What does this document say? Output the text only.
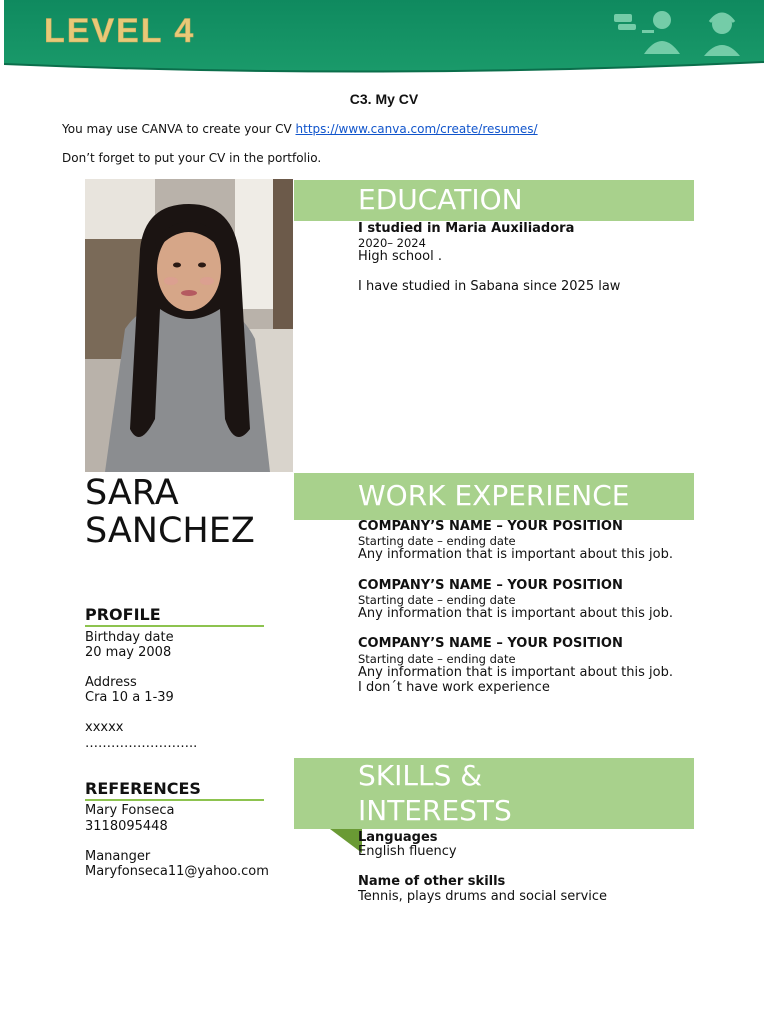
LEVEL 4
C3. My CV
You may use CANVA to create your CV https://www.canva.com/create/resumes/
Don’t forget to put your CV in the portfolio.
SARA
SANCHEZ
PROFILE
Birthday date
20 may 2008
Address
Cra 10 a 1-39
xxxxx
……………………..
REFERENCES
Mary Fonseca
3118095448
Mananger
Maryfonseca11@yahoo.com
EDUCATION
I studied in Maria Auxiliadora
2020– 2024
High school .
I have studied in Sabana since 2025 law
WORK EXPERIENCE
COMPANY’S NAME – YOUR POSITION
Starting date – ending date
Any information that is important about this job.
COMPANY’S NAME – YOUR POSITION
Starting date – ending date
Any information that is important about this job.
COMPANY’S NAME – YOUR POSITION
Starting date – ending date
Any information that is important about this job.
I don´t have work experience
SKILLS &
INTERESTS
Languages
English fluency
Name of other skills
Tennis, plays drums and social service
